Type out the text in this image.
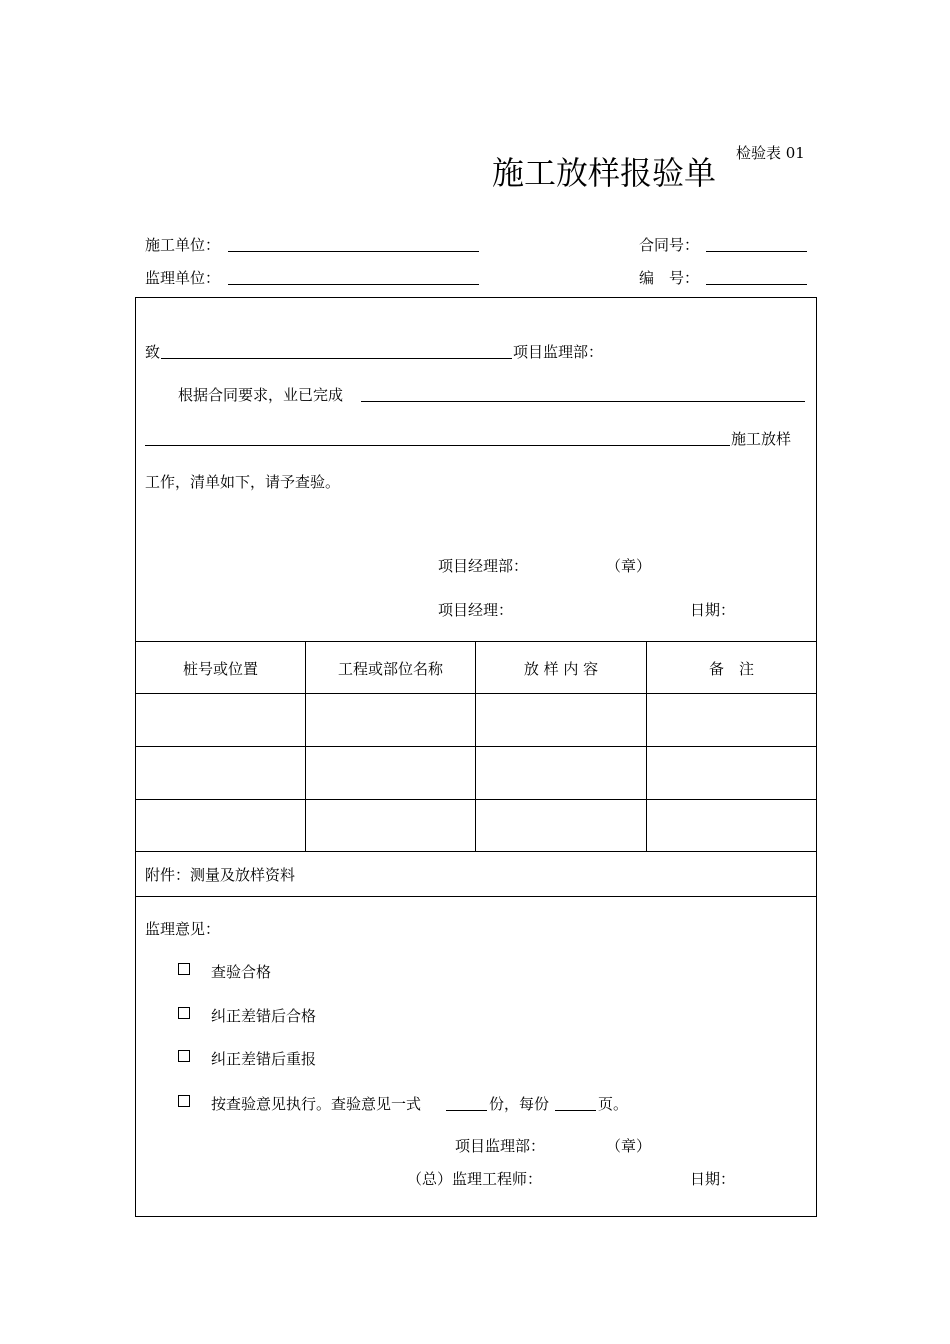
检验表 01
施工放样报验单
施工单位：	合同号：
监理单位：	编　号：
致	项目监理部：
根据合同要求，业已完成
施工放样
工作，清单如下，请予查验。
项目经理部：	（章）
项目经理：	日期：
桩号或位置	工程或部位名称	放 样 内 容	备　注
附件：测量及放样资料
监理意见：
查验合格
纠正差错后合格
纠正差错后重报
按查验意见执行。查验意见一式	份，每份	页。
项目监理部：	（章）
（总）监理工程师：	日期：
